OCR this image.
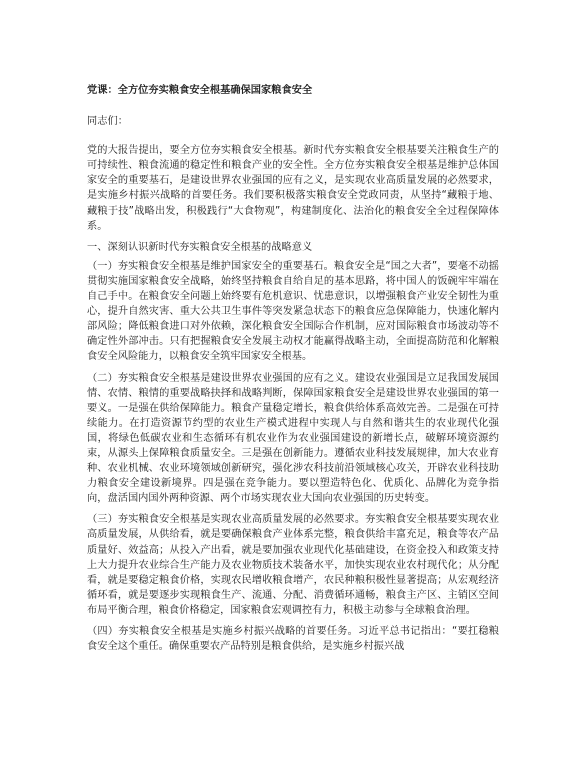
党课：全方位夯实粮食安全根基确保国家粮食安全

同志们：

党的大报告提出，要全方位夯实粮食安全根基。新时代夯实粮食安全根基要关注粮食生产的可持续性、粮食流通的稳定性和粮食产业的安全性。全方位夯实粮食安全根基是维护总体国家安全的重要基石，是建设世界农业强国的应有之义，是实现农业高质量发展的必然要求，是实施乡村振兴战略的首要任务。我们要积极落实粮食安全党政同责，从坚持“藏粮于地、藏粮于技”战略出发，积极践行“大食物观”，构建制度化、法治化的粮食安全全过程保障体系。

一、深刻认识新时代夯实粮食安全根基的战略意义

（一）夯实粮食安全根基是维护国家安全的重要基石。粮食安全是“国之大者”，要毫不动摇贯彻实施国家粮食安全战略，始终坚持粮食自给自足的基本思路，将中国人的饭碗牢牢端在自己手中。在粮食安全问题上始终要有危机意识、忧患意识，以增强粮食产业安全韧性为重心，提升自然灾害、重大公共卫生事件等突发紧急状态下的粮食应急保障能力，快速化解内部风险；降低粮食进口对外依赖，深化粮食安全国际合作机制，应对国际粮食市场波动等不确定性外部冲击。只有把握粮食安全发展主动权才能赢得战略主动，全面提高防范和化解粮食安全风险能力，以粮食安全筑牢国家安全根基。

（二）夯实粮食安全根基是建设世界农业强国的应有之义。建设农业强国是立足我国发展国情、农情、粮情的重要战略抉择和战略判断，保障国家粮食安全是建设世界农业强国的第一要义。一是强在供给保障能力。粮食产量稳定增长，粮食供给体系高效完善。二是强在可持续能力。在打造资源节约型的农业生产模式进程中实现人与自然和谐共生的农业现代化强国，将绿色低碳农业和生态循环有机农业作为农业强国建设的新增长点，破解环境资源约束，从源头上保障粮食质量安全。三是强在创新能力。遵循农业科技发展规律，加大农业育种、农业机械、农业环境领域创新研究，强化涉农科技前沿领域核心攻关，开辟农业科技助力粮食安全建设新境界。四是强在竞争能力。要以塑造特色化、优质化、品牌化为竞争指向，盘活国内国外两种资源、两个市场实现农业大国向农业强国的历史转变。

（三）夯实粮食安全根基是实现农业高质量发展的必然要求。夯实粮食安全根基要实现农业高质量发展，从供给看，就是要确保粮食产业体系完整，粮食供给丰富充足，粮食等农产品质量好、效益高；从投入产出看，就是要加强农业现代化基础建设，在资金投入和政策支持上大力提升农业综合生产能力及农业物质技术装备水平，加快实现农业农村现代化；从分配看，就是要稳定粮食价格，实现农民增收粮食增产，农民种粮积极性显著提高；从宏观经济循环看，就是要逐步实现粮食生产、流通、分配、消费循环通畅，粮食主产区、主销区空间布局平衡合理，粮食价格稳定，国家粮食宏观调控有力，积极主动参与全球粮食治理。

（四）夯实粮食安全根基是实施乡村振兴战略的首要任务。习近平总书记指出：“要扛稳粮食安全这个重任。确保重要农产品特别是粮食供给，是实施乡村振兴战
